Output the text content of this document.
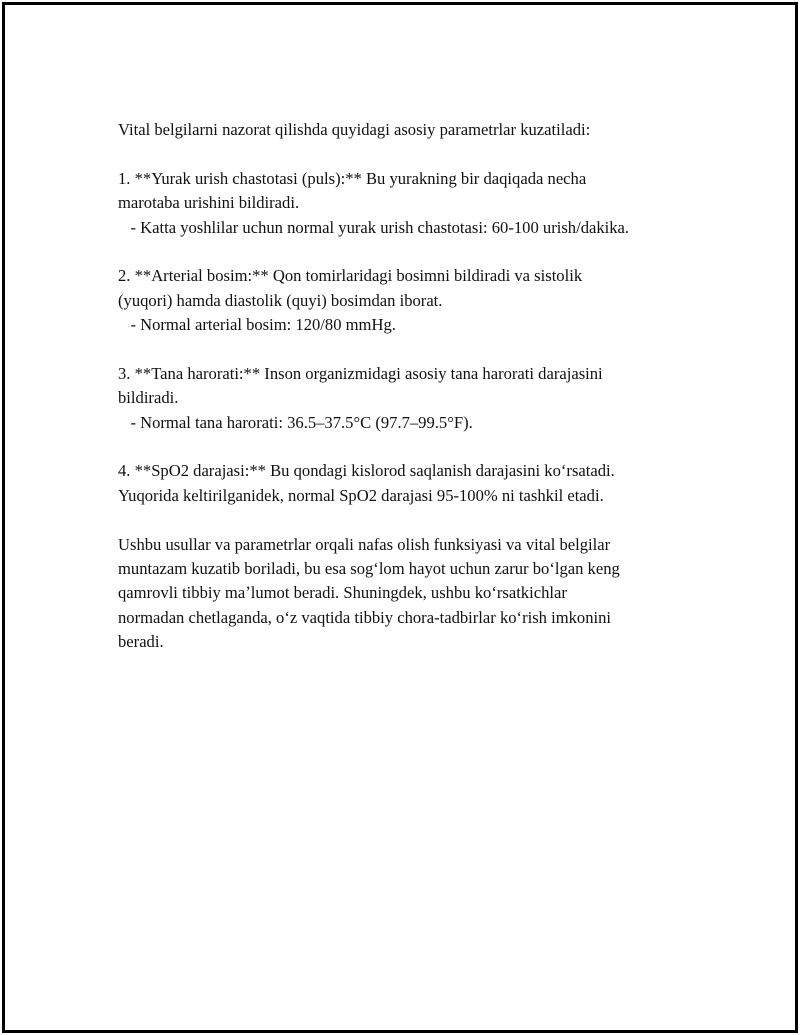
Vital belgilarni nazorat qilishda quyidagi asosiy parametrlar kuzatiladi:
1. **Yurak urish chastotasi (puls):** Bu yurakning bir daqiqada necha
marotaba urishini bildiradi.
- Katta yoshlilar uchun normal yurak urish chastotasi: 60-100 urish/dakika.
2. **Arterial bosim:** Qon tomirlaridagi bosimni bildiradi va sistolik
(yuqori) hamda diastolik (quyi) bosimdan iborat.
- Normal arterial bosim: 120/80 mmHg.
3. **Tana harorati:** Inson organizmidagi asosiy tana harorati darajasini
bildiradi.
- Normal tana harorati: 36.5–37.5°C (97.7–99.5°F).
4. **SpO2 darajasi:** Bu qondagi kislorod saqlanish darajasini koʻrsatadi.
Yuqorida keltirilganidek, normal SpO2 darajasi 95-100% ni tashkil etadi.
Ushbu usullar va parametrlar orqali nafas olish funksiyasi va vital belgilar
muntazam kuzatib boriladi, bu esa sogʻlom hayot uchun zarur boʻlgan keng
qamrovli tibbiy maʼlumot beradi. Shuningdek, ushbu koʻrsatkichlar
normadan chetlaganda, oʻz vaqtida tibbiy chora-tadbirlar koʻrish imkonini
beradi.
